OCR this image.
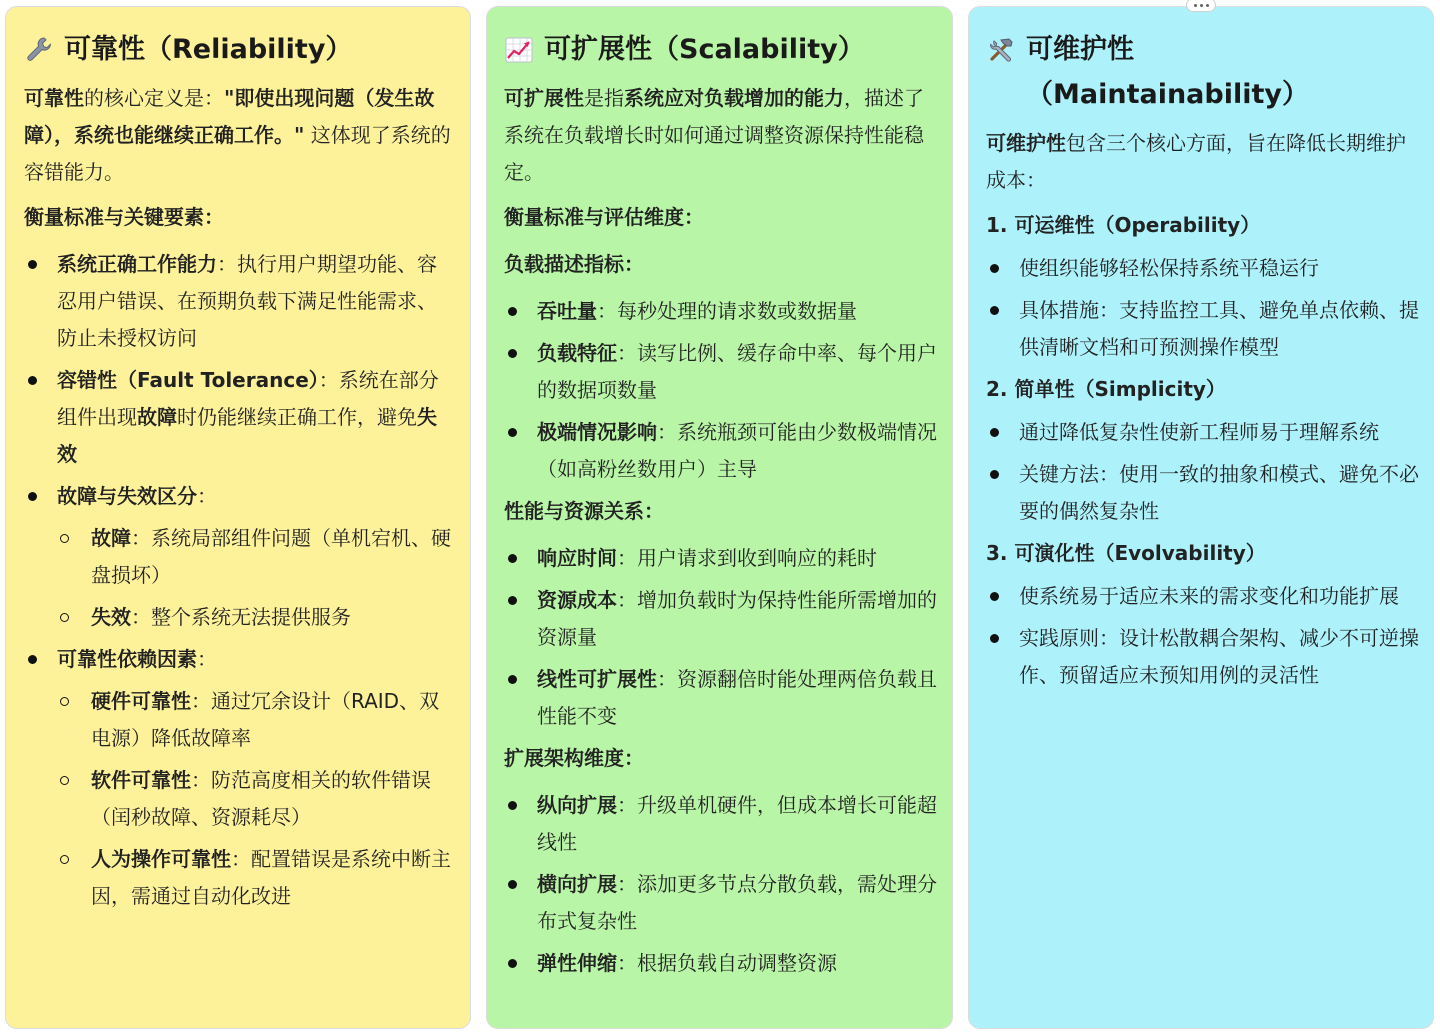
可靠性（Reliability）

可靠性的核心定义是："即使出现问题（发生故障），系统也能继续正确工作。" 这体现了系统的容错能力。

衡量标准与关键要素：
系统正确工作能力：执行用户期望功能、容忍用户错误、在预期负载下满足性能需求、防止未授权访问
容错性（Fault Tolerance）：系统在部分组件出现故障时仍能继续正确工作，避免失效
故障与失效区分：
故障：系统局部组件问题（单机宕机、硬盘损坏）
失效：整个系统无法提供服务
可靠性依赖因素：
硬件可靠性：通过冗余设计（RAID、双电源）降低故障率
软件可靠性：防范高度相关的软件错误（闰秒故障、资源耗尽）
人为操作可靠性：配置错误是系统中断主因，需通过自动化改进
可扩展性（Scalability）

可扩展性是指系统应对负载增加的能力，描述了系统在负载增长时如何通过调整资源保持性能稳定。

衡量标准与评估维度：
负载描述指标：
吞吐量：每秒处理的请求数或数据量
负载特征：读写比例、缓存命中率、每个用户的数据项数量
极端情况影响：系统瓶颈可能由少数极端情况（如高粉丝数用户）主导
性能与资源关系：
响应时间：用户请求到收到响应的耗时
资源成本：增加负载时为保持性能所需增加的资源量
线性可扩展性：资源翻倍时能处理两倍负载且性能不变
扩展架构维度：
纵向扩展：升级单机硬件，但成本增长可能超线性
横向扩展：添加更多节点分散负载，需处理分布式复杂性
弹性伸缩：根据负载自动调整资源
可维护性
（Maintainability）

可维护性包含三个核心方面，旨在降低长期维护成本：

1. 可运维性（Operability）
使组织能够轻松保持系统平稳运行
具体措施：支持监控工具、避免单点依赖、提供清晰文档和可预测操作模型
2. 简单性（Simplicity）
通过降低复杂性使新工程师易于理解系统
关键方法：使用一致的抽象和模式、避免不必要的偶然复杂性
3. 可演化性（Evolvability）
使系统易于适应未来的需求变化和功能扩展
实践原则：设计松散耦合架构、减少不可逆操作、预留适应未预知用例的灵活性
